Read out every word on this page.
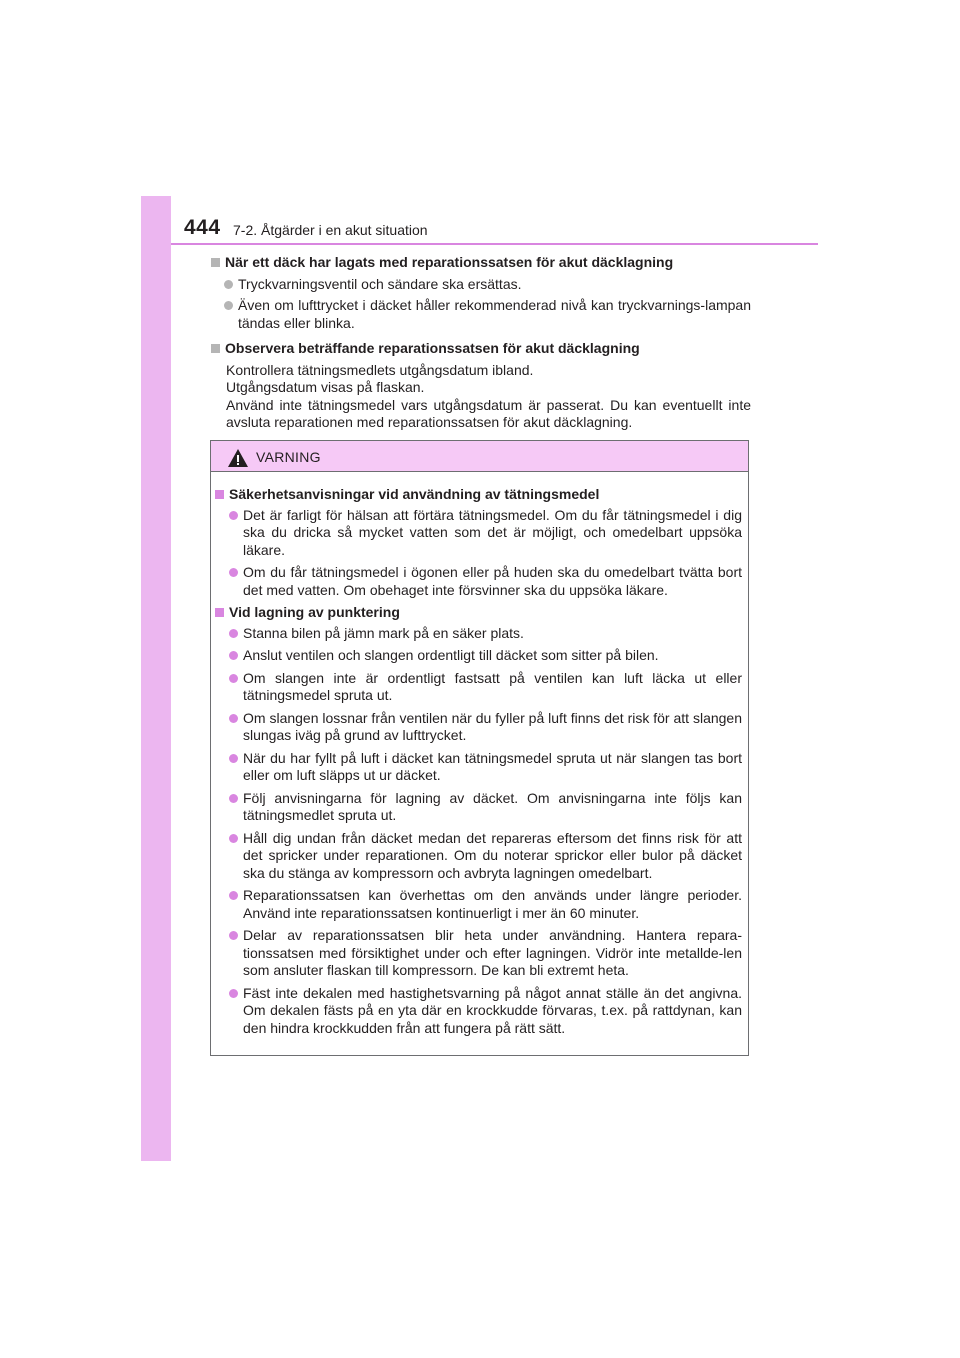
444 7-2. Åtgärder i en akut situation
När ett däck har lagats med reparationssatsen för akut däcklagning
Tryckvarningsventil och sändare ska ersättas.
Även om lufttrycket i däcket håller rekommenderad nivå kan tryckvarnings-lampan tändas eller blinka.
Observera beträffande reparationssatsen för akut däcklagning
Kontrollera tätningsmedlets utgångsdatum ibland.
Utgångsdatum visas på flaskan.
Använd inte tätningsmedel vars utgångsdatum är passerat. Du kan eventuellt inte avsluta reparationen med reparationssatsen för akut däcklagning.
VARNING
Säkerhetsanvisningar vid användning av tätningsmedel
Det är farligt för hälsan att förtära tätningsmedel. Om du får tätningsmedel i dig ska du dricka så mycket vatten som det är möjligt, och omedelbart uppsöka läkare.
Om du får tätningsmedel i ögonen eller på huden ska du omedelbart tvätta bort det med vatten. Om obehaget inte försvinner ska du uppsöka läkare.
Vid lagning av punktering
Stanna bilen på jämn mark på en säker plats.
Anslut ventilen och slangen ordentligt till däcket som sitter på bilen.
Om slangen inte är ordentligt fastsatt på ventilen kan luft läcka ut eller tätningsmedel spruta ut.
Om slangen lossnar från ventilen när du fyller på luft finns det risk för att slangen slungas iväg på grund av lufttrycket.
När du har fyllt på luft i däcket kan tätningsmedel spruta ut när slangen tas bort eller om luft släpps ut ur däcket.
Följ anvisningarna för lagning av däcket. Om anvisningarna inte följs kan tätningsmedlet spruta ut.
Håll dig undan från däcket medan det repareras eftersom det finns risk för att det spricker under reparationen. Om du noterar sprickor eller bulor på däcket ska du stänga av kompressorn och avbryta lagningen omedelbart.
Reparationssatsen kan överhettas om den används under längre perioder. Använd inte reparationssatsen kontinuerligt i mer än 60 minuter.
Delar av reparationssatsen blir heta under användning. Hantera repara-tionssatsen med försiktighet under och efter lagningen. Vidrör inte metallde-len som ansluter flaskan till kompressorn. De kan bli extremt heta.
Fäst inte dekalen med hastighetsvarning på något annat ställe än det angivna. Om dekalen fästs på en yta där en krockkudde förvaras, t.ex. på rattdynan, kan den hindra krockkudden från att fungera på rätt sätt.
